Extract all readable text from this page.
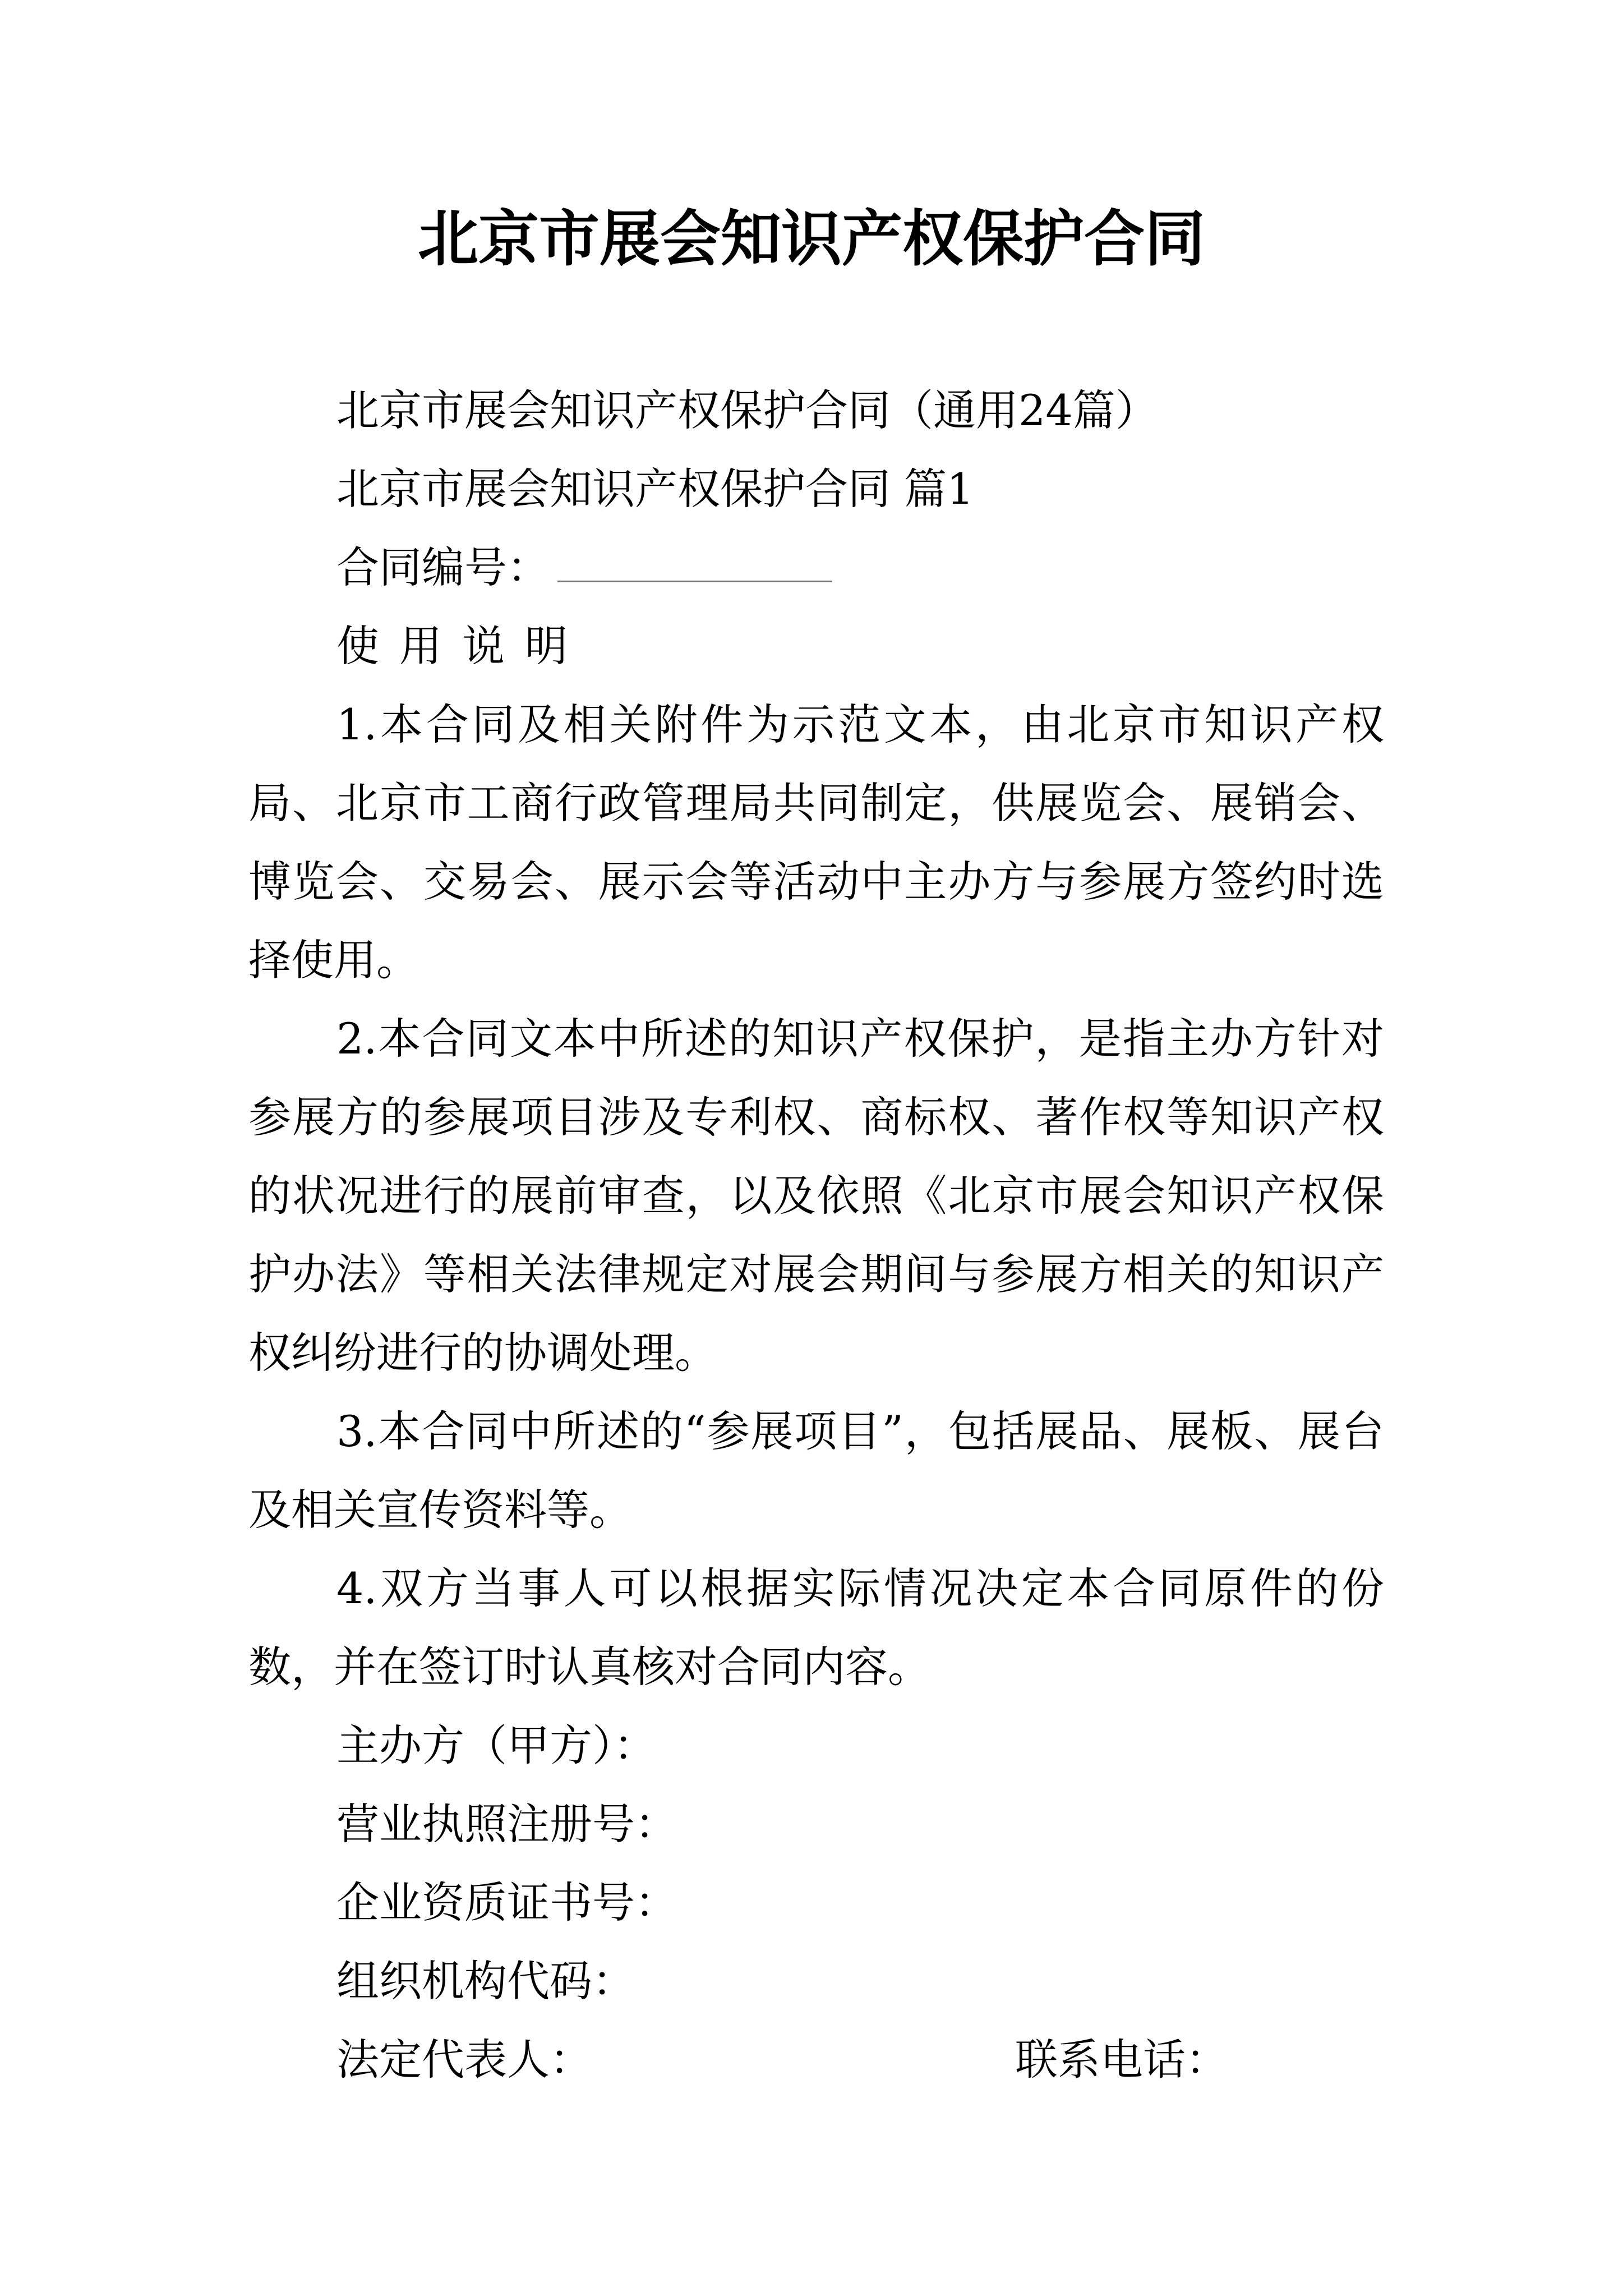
北京市展会知识产权保护合同
北京市展会知识产权保护合同（通用24篇）
北京市展会知识产权保护合同 篇1
合同编号：
使用说明
1.本合同及相关附件为示范文本，由北京市知识产权局、北京市工商行政管理局共同制定，供展览会、展销会、博览会、交易会、展示会等活动中主办方与参展方签约时选择使用。
2.本合同文本中所述的知识产权保护，是指主办方针对参展方的参展项目涉及专利权、商标权、著作权等知识产权的状况进行的展前审查，以及依照《北京市展会知识产权保护办法》等相关法律规定对展会期间与参展方相关的知识产权纠纷进行的协调处理。
3.本合同中所述的“参展项目”，包括展品、展板、展台及相关宣传资料等。
4.双方当事人可以根据实际情况决定本合同原件的份数，并在签订时认真核对合同内容。
主办方（甲方）：
营业执照注册号：
企业资质证书号：
组织机构代码：
法定代表人：	联系电话：
